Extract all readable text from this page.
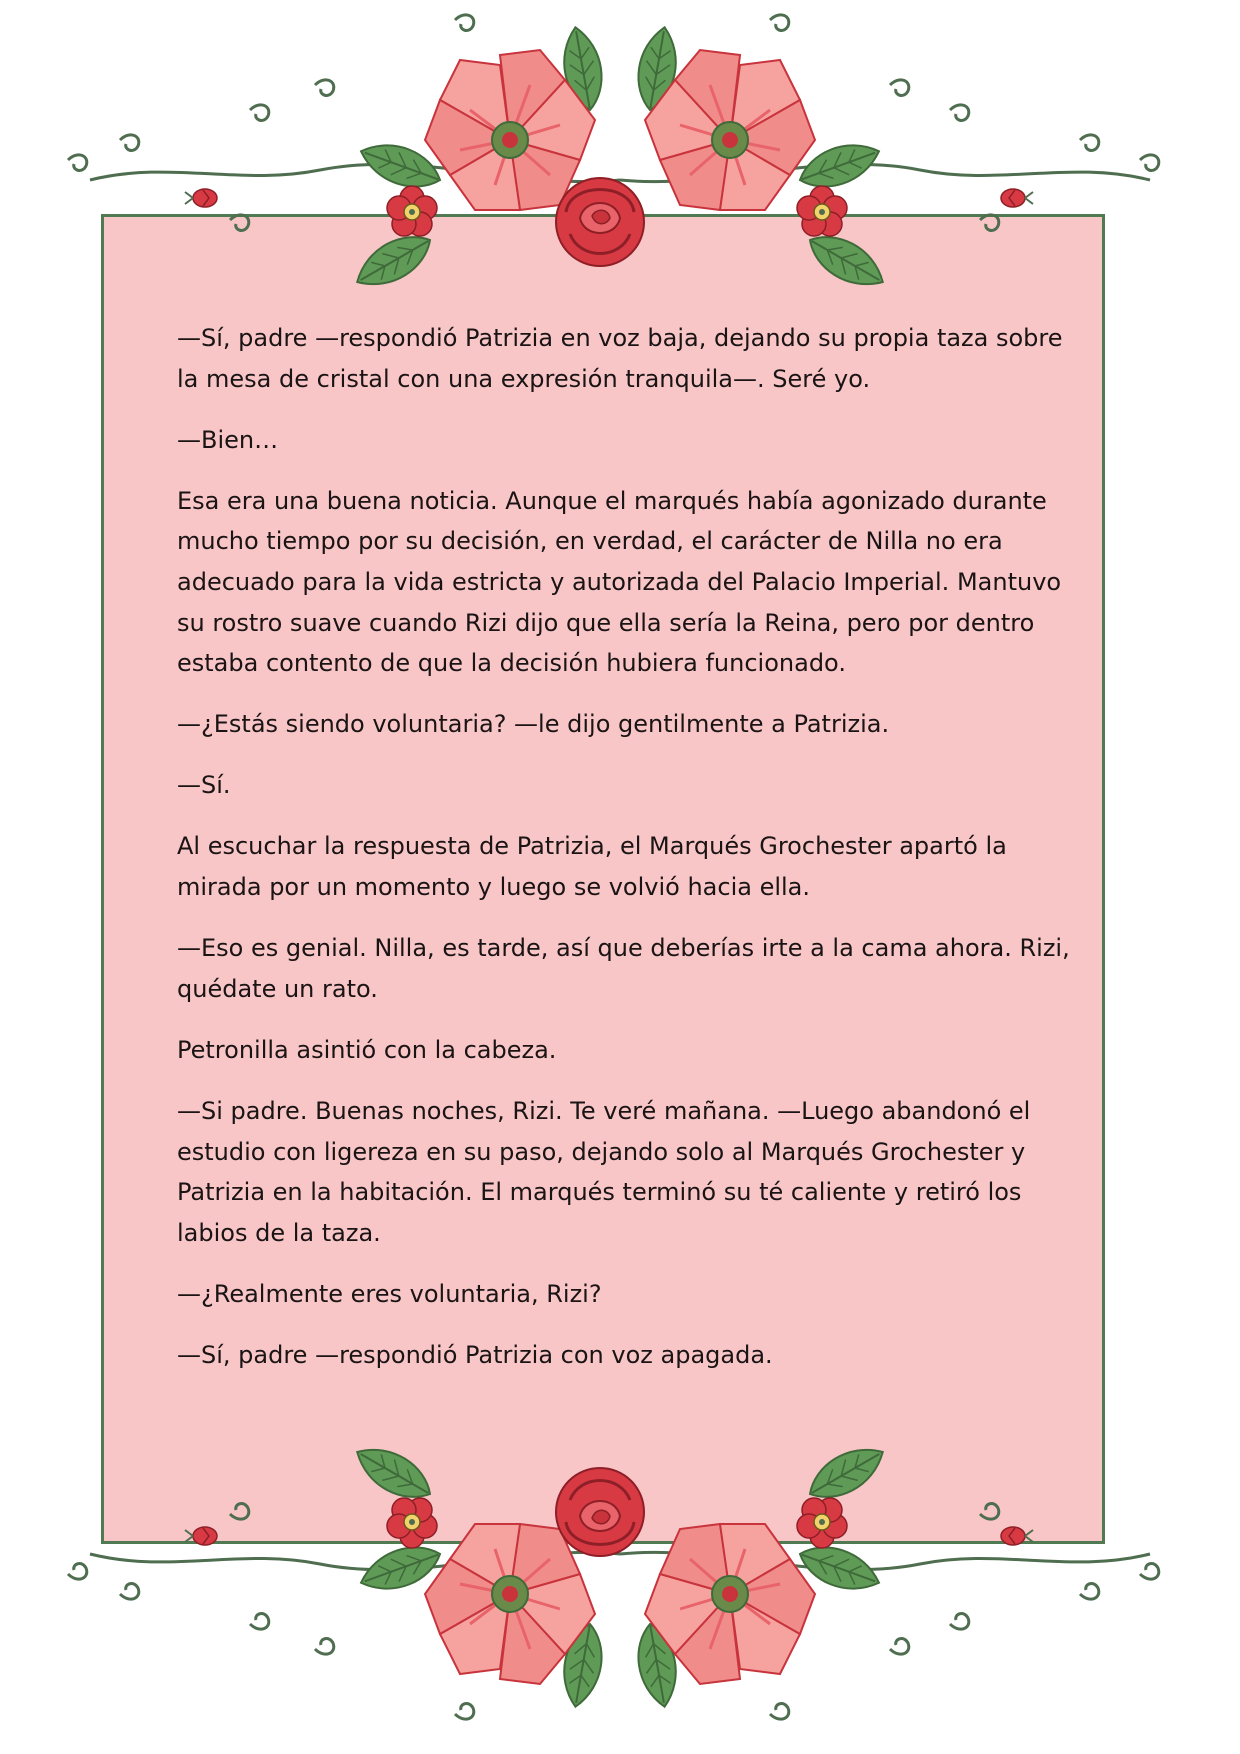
—Sí, padre —respondió Patrizia en voz baja, dejando su propia taza sobre la mesa de cristal con una expresión tranquila—. Seré yo.

—Bien…

Esa era una buena noticia. Aunque el marqués había agonizado durante mucho tiempo por su decisión, en verdad, el carácter de Nilla no era adecuado para la vida estricta y autorizada del Palacio Imperial. Mantuvo su rostro suave cuando Rizi dijo que ella sería la Reina, pero por dentro estaba contento de que la decisión hubiera funcionado.

—¿Estás siendo voluntaria? —le dijo gentilmente a Patrizia.

—Sí.

Al escuchar la respuesta de Patrizia, el Marqués Grochester apartó la mirada por un momento y luego se volvió hacia ella.

—Eso es genial. Nilla, es tarde, así que deberías irte a la cama ahora. Rizi, quédate un rato.

Petronilla asintió con la cabeza.

—Si padre. Buenas noches, Rizi. Te veré mañana. —Luego abandonó el estudio con ligereza en su paso, dejando solo al Marqués Grochester y Patrizia en la habitación. El marqués terminó su té caliente y retiró los labios de la taza.

—¿Realmente eres voluntaria, Rizi?

—Sí, padre —respondió Patrizia con voz apagada.
